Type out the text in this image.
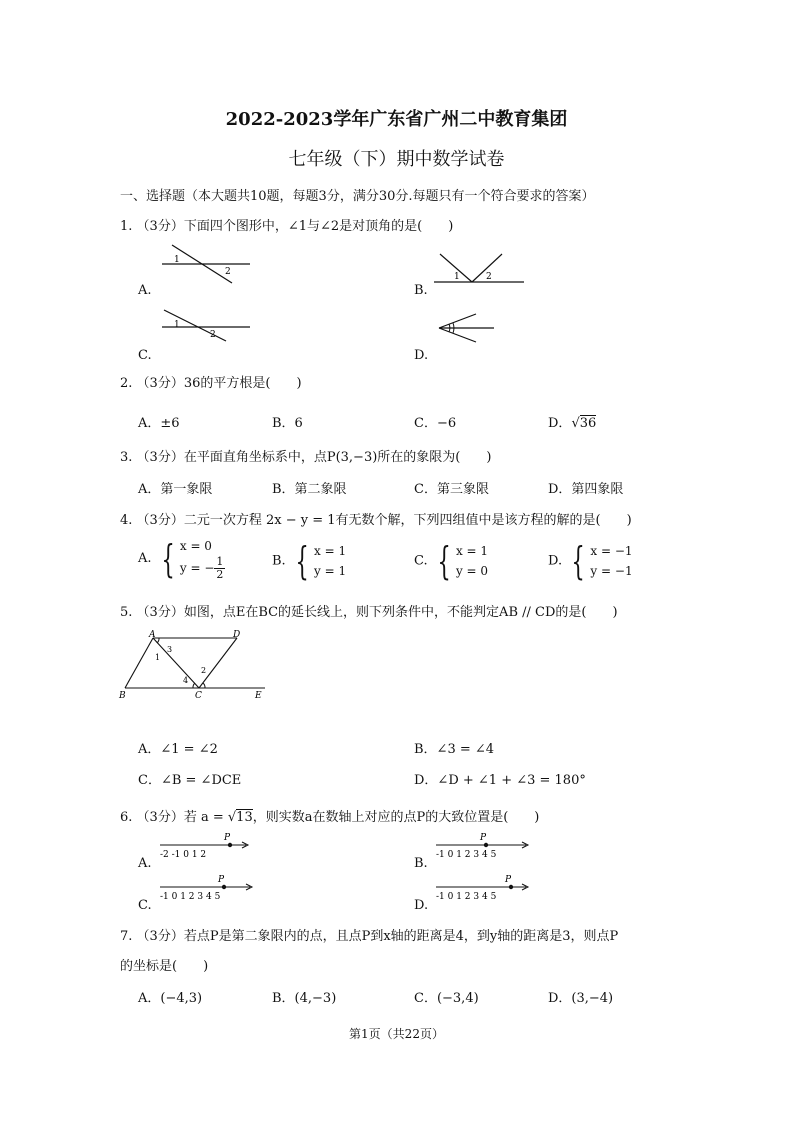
2022-2023学年广东省广州二中教育集团
七年级（下）期中数学试卷
一、选择题（本大题共10题，每题3分，满分30分.每题只有一个符合要求的答案）
1. （3分）下面四个图形中，∠1与∠2是对顶角的是(　　)
A.
1
2
B.
1	2
C.
1
2
D.
2. （3分）36的平方根是(　　)
A．±6	B．6	C．−6	D．√36
3. （3分）在平面直角坐标系中，点P(3,−3)所在的象限为(　　)
A．第一象限	B．第二象限	C．第三象限	D．第四象限
4. （3分）二元一次方程 2x − y = 1有无数个解，下列四组值中是该方程的解的是(　　)
A. { x = 0
y = − $\frac{1}{2}$	B. { x = 1
y = 1
C. { x = 1
y = 0
D. { x = −1
y = −1
5. （3分）如图，点E在BC的延长线上，则下列条件中，不能判定AB // CD的是(　　)
A	D
B	C	E
1
3
2
4
A．∠1 = ∠2	B．∠3 = ∠4
C．∠B = ∠DCE	D．∠D + ∠1 + ∠3 = 180°
6. （3分）若 a = √13，则实数a在数轴上对应的点P的大致位置是(　　)
A.
P
-2 -1 0 1 2
B.
P
-1 0 1 2 3 4 5
C.
P
-1 0 1 2 3 4 5
D.
P
-1 0 1 2 3 4 5
7. （3分）若点P是第二象限内的点，且点P到x轴的距离是4，到y轴的距离是3，则点P
的坐标是(　　)
A．(−4,3)	B．(4,−3)	C．(−3,4)	D．(3,−4)
第1页（共22页）
